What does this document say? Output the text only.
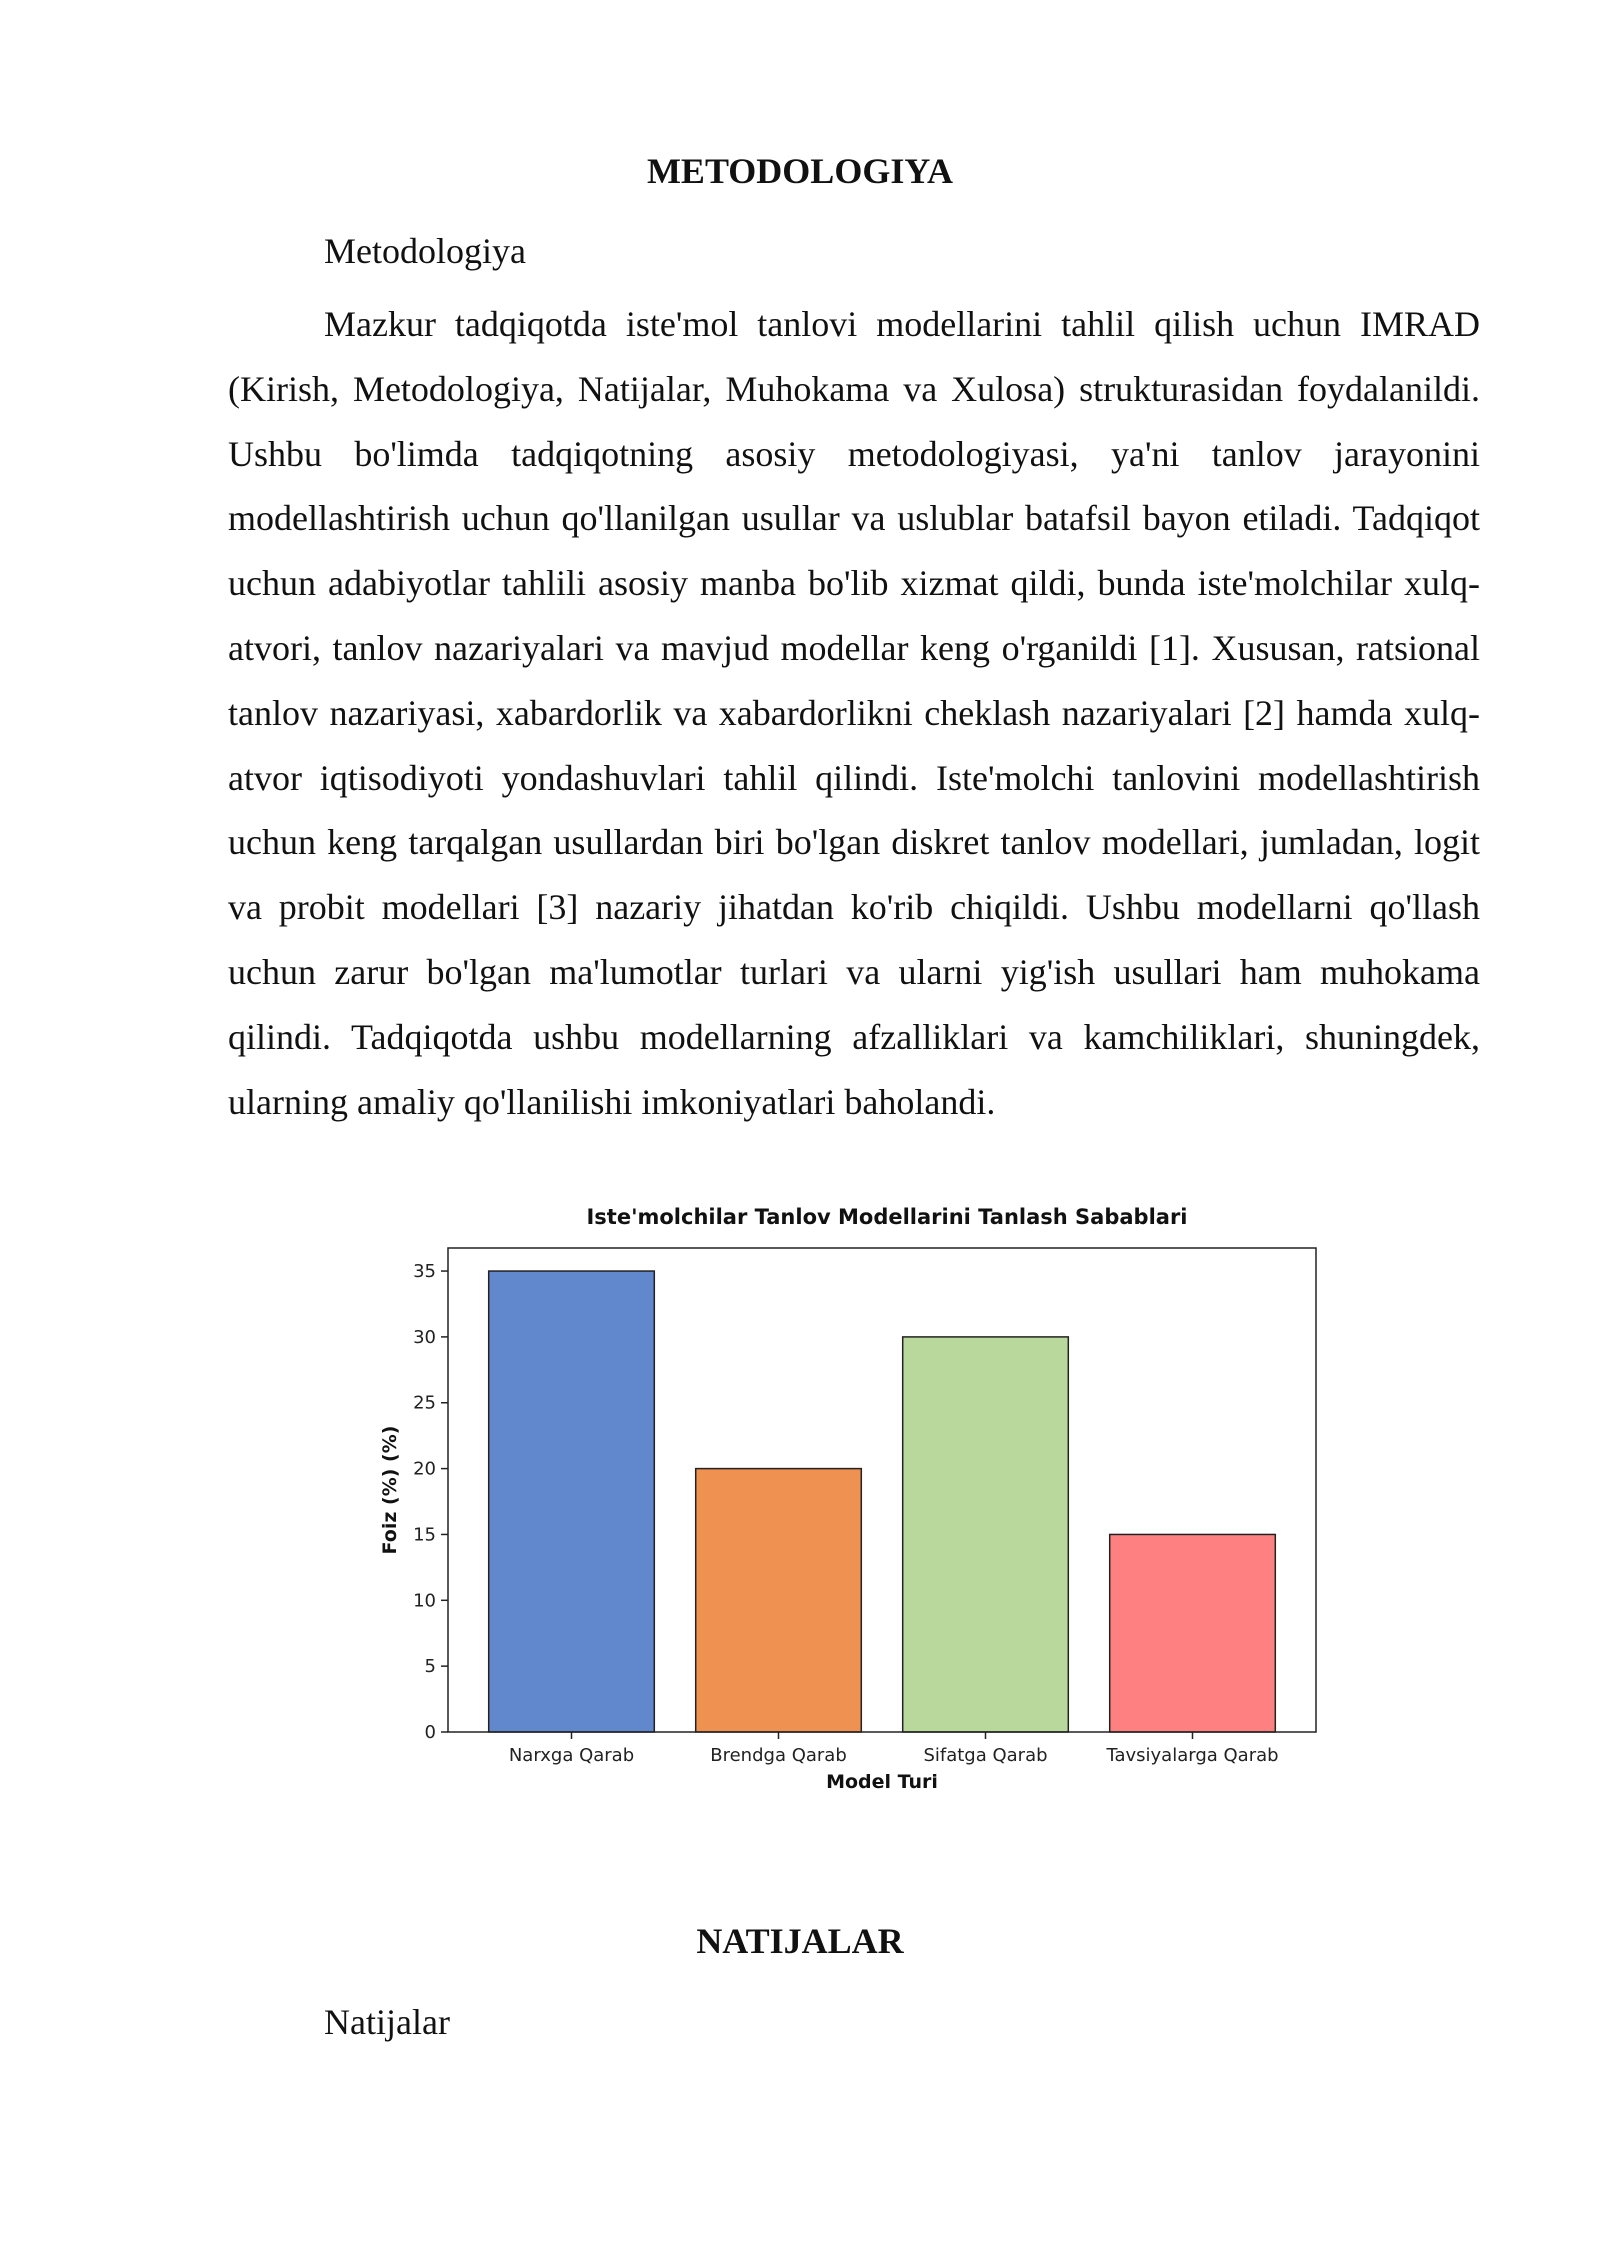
METODOLOGIYA
Metodologiya

Mazkur tadqiqotda iste'mol tanlovi modellarini tahlil qilish uchun IMRAD (Kirish, Metodologiya, Natijalar, Muhokama va Xulosa) strukturasidan foydalanildi. Ushbu bo'limda tadqiqotning asosiy metodologiyasi, ya'ni tanlov jarayonini modellashtirish uchun qo'llanilgan usullar va uslublar batafsil bayon etiladi. Tadqiqot uchun adabiyotlar tahlili asosiy manba bo'lib xizmat qildi, bunda iste'molchilar xulq-atvori, tanlov nazariyalari va mavjud modellar keng o'rganildi [1]. Xususan, ratsional tanlov nazariyasi, xabardorlik va xabardorlikni cheklash nazariyalari [2] hamda xulq-atvor iqtisodiyoti yondashuvlari tahlil qilindi. Iste'molchi tanlovini modellashtirish uchun keng tarqalgan usullardan biri bo'lgan diskret tanlov modellari, jumladan, logit va probit modellari [3] nazariy jihatdan ko'rib chiqildi. Ushbu modellarni qo'llash uchun zarur bo'lgan ma'lumotlar turlari va ularni yig'ish usullari ham muhokama qilindi. Tadqiqotda ushbu modellarning afzalliklari va kamchiliklari, shuningdek, ularning amaliy qo'llanilishi imkoniyatlari baholandi.

Iste'molchilar Tanlov Modellarini Tanlash Sabablari
0
5
10
15
20
25
30
35
Narxga Qarab	Brendga Qarab	Sifatga Qarab	Tavsiyalarga Qarab
Model Turi
Foiz (%) (%)
NATIJALAR
Natijalar
